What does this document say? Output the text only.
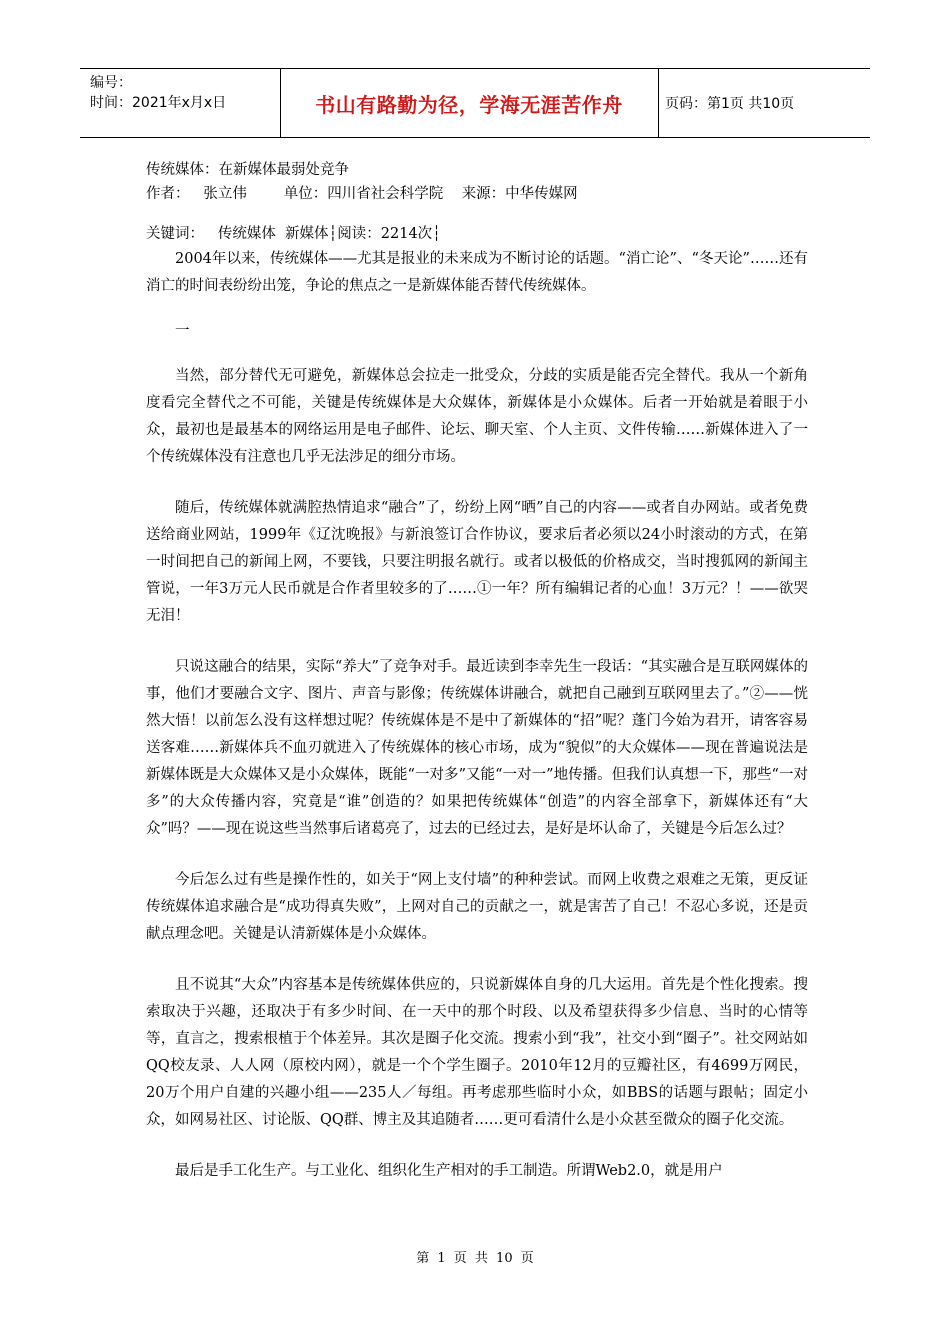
编号：
时间：2021年x月x日	书山有路勤为径，学海无涯苦作舟	页码：第1页 共10页
传统媒体：在新媒体最弱处竞争
作者：   张立伟        单位：四川省社会科学院    来源：中华传媒网
关键词：   传统媒体  新媒体┆阅读：2214次┆

2004年以来，传统媒体——尤其是报业的未来成为不断讨论的话题。“消亡论”、“冬天论”……还有消亡的时间表纷纷出笼，争论的焦点之一是新媒体能否替代传统媒体。

一

当然，部分替代无可避免，新媒体总会拉走一批受众，分歧的实质是能否完全替代。我从一个新角度看完全替代之不可能，关键是传统媒体是大众媒体，新媒体是小众媒体。后者一开始就是着眼于小众，最初也是最基本的网络运用是电子邮件、论坛、聊天室、个人主页、文件传输……新媒体进入了一个传统媒体没有注意也几乎无法涉足的细分市场。

随后，传统媒体就满腔热情追求“融合”了，纷纷上网“晒”自己的内容——或者自办网站。或者免费送给商业网站，1999年《辽沈晚报》与新浪签订合作协议，要求后者必须以24小时滚动的方式，在第一时间把自己的新闻上网，不要钱，只要注明报名就行。或者以极低的价格成交，当时搜狐网的新闻主管说，一年3万元人民币就是合作者里较多的了……①一年？所有编辑记者的心血！3万元？！——欲哭无泪！

只说这融合的结果，实际“养大”了竞争对手。最近读到李幸先生一段话：“其实融合是互联网媒体的事，他们才要融合文字、图片、声音与影像；传统媒体讲融合，就把自己融到互联网里去了。”②——恍然大悟！以前怎么没有这样想过呢？传统媒体是不是中了新媒体的“招”呢？蓬门今始为君开，请客容易送客难……新媒体兵不血刃就进入了传统媒体的核心市场，成为“貌似”的大众媒体——现在普遍说法是新媒体既是大众媒体又是小众媒体，既能“一对多”又能“一对一”地传播。但我们认真想一下，那些“一对多”的大众传播内容，究竟是“谁”创造的？如果把传统媒体“创造”的内容全部拿下，新媒体还有“大众”吗？——现在说这些当然事后诸葛亮了，过去的已经过去，是好是坏认命了，关键是今后怎么过？

今后怎么过有些是操作性的，如关于“网上支付墙”的种种尝试。而网上收费之艰难之无策，更反证传统媒体追求融合是“成功得真失败”，上网对自己的贡献之一，就是害苦了自己！不忍心多说，还是贡献点理念吧。关键是认清新媒体是小众媒体。

且不说其“大众”内容基本是传统媒体供应的，只说新媒体自身的几大运用。首先是个性化搜索。搜索取决于兴趣，还取决于有多少时间、在一天中的那个时段、以及希望获得多少信息、当时的心情等等，直言之，搜索根植于个体差异。其次是圈子化交流。搜索小到“我”，社交小到“圈子”。社交网站如QQ校友录、人人网（原校内网），就是一个个学生圈子。2010年12月的豆瓣社区，有4699万网民，20万个用户自建的兴趣小组——235人／每组。再考虑那些临时小众，如BBS的话题与跟帖；固定小众，如网易社区、讨论版、QQ群、博主及其追随者……更可看清什么是小众甚至微众的圈子化交流。

最后是手工化生产。与工业化、组织化生产相对的手工制造。所谓Web2.0，就是用户

第 1 页 共 10 页
